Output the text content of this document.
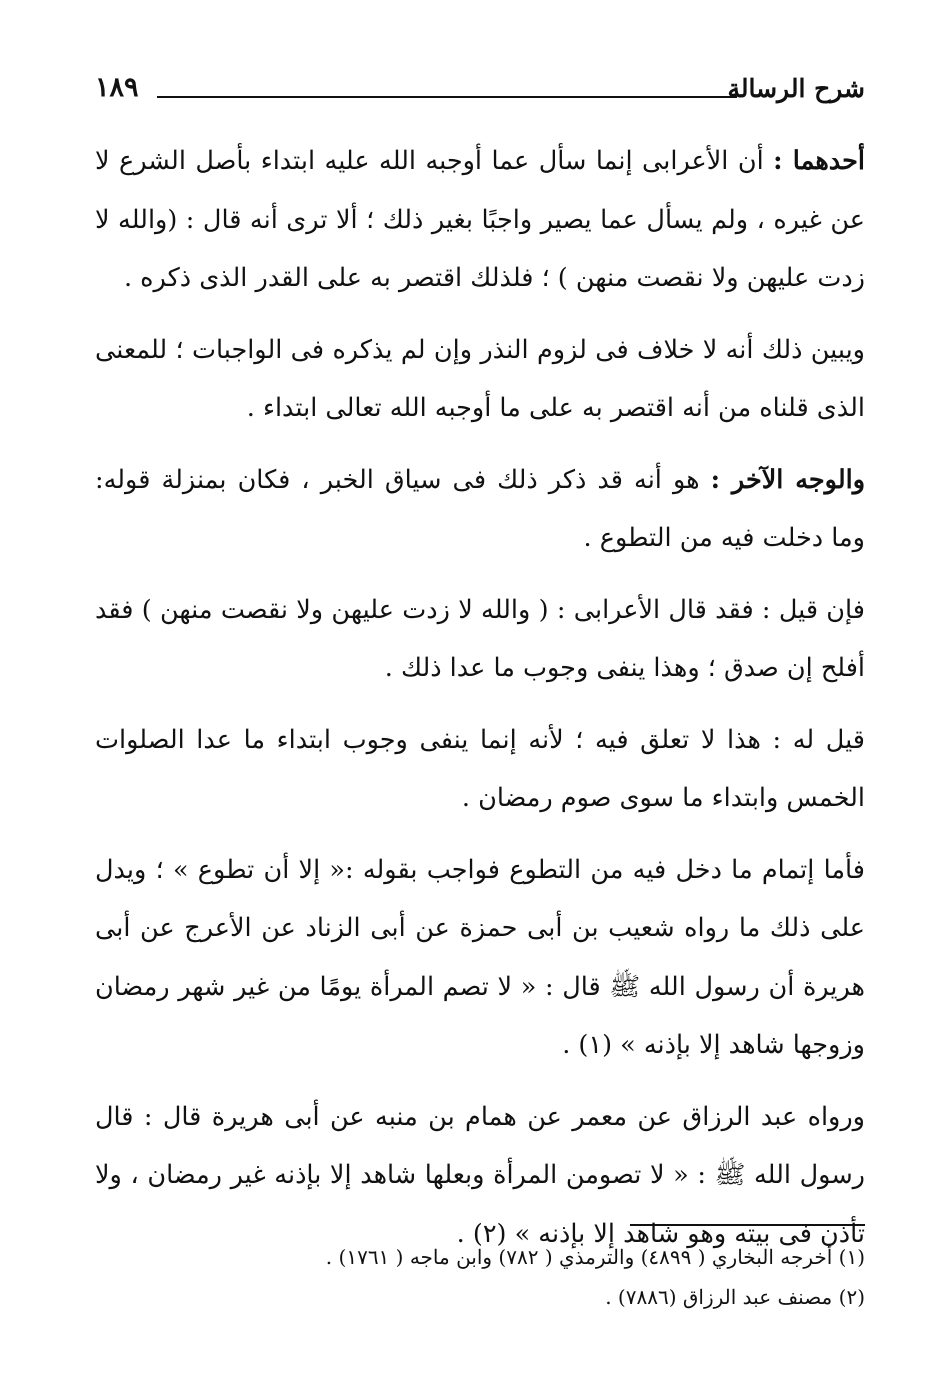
شرح الرسالة
١٨٩

أحدهما : أن الأعرابى إنما سأل عما أوجبه الله عليه ابتداء بأصل الشرع لا عن غيره ، ولم يسأل عما يصير واجبًا بغير ذلك ؛ ألا ترى أنه قال : (والله لا زدت عليهن ولا نقصت منهن ) ؛ فلذلك اقتصر به على القدر الذى ذكره .

ويبين ذلك أنه لا خلاف فى لزوم النذر وإن لم يذكره فى الواجبات ؛ للمعنى الذى قلناه من أنه اقتصر به على ما أوجبه الله تعالى ابتداء .

والوجه الآخر : هو أنه قد ذكر ذلك فى سياق الخبر ، فكان بمنزلة قوله: وما دخلت فيه من التطوع .

فإن قيل : فقد قال الأعرابى : ( والله لا زدت عليهن ولا نقصت منهن ) فقد أفلح إن صدق ؛ وهذا ينفى وجوب ما عدا ذلك .

قيل له : هذا لا تعلق فيه ؛ لأنه إنما ينفى وجوب ابتداء ما عدا الصلوات الخمس وابتداء ما سوى صوم رمضان .

فأما إتمام ما دخل فيه من التطوع فواجب بقوله :« إلا أن تطوع » ؛ ويدل على ذلك ما رواه شعيب بن أبى حمزة عن أبى الزناد عن الأعرج عن أبى هريرة أن رسول الله ﷺ قال : « لا تصم المرأة يومًا من غير شهر رمضان وزوجها شاهد إلا بإذنه » (١) .

ورواه عبد الرزاق عن معمر عن همام بن منبه عن أبى هريرة قال : قال رسول الله ﷺ : « لا تصومن المرأة وبعلها شاهد إلا بإذنه غير رمضان ، ولا تأذن فى بيته وهو شاهد إلا بإذنه » (٢) .

(١) أخرجه البخاري ( ٤٨٩٩) والترمذي ( ٧٨٢) وابن ماجه ( ١٧٦١) .

(٢) مصنف عبد الرزاق (٧٨٨٦) .
